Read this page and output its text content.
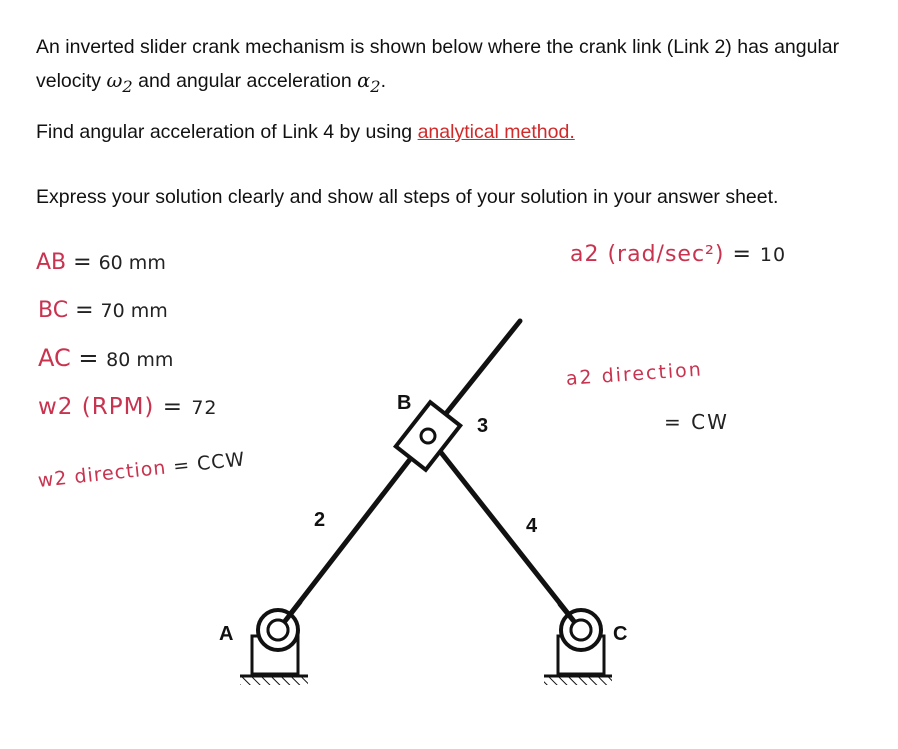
An inverted slider crank mechanism is shown below where the crank link (Link 2) has angular velocity $\omega_2$ and angular acceleration $\alpha_2$.

Find angular acceleration of Link 4 by using analytical method.

Express your solution clearly and show all steps of your solution in your answer sheet.

AB = 60 mm
BC = 70 mm
AC = 80 mm
w2 (RPM) = 72
w2 direction = CCW
a2 (rad/sec²) = 10
a2 direction
= CW
A
B
C
2
3
4
